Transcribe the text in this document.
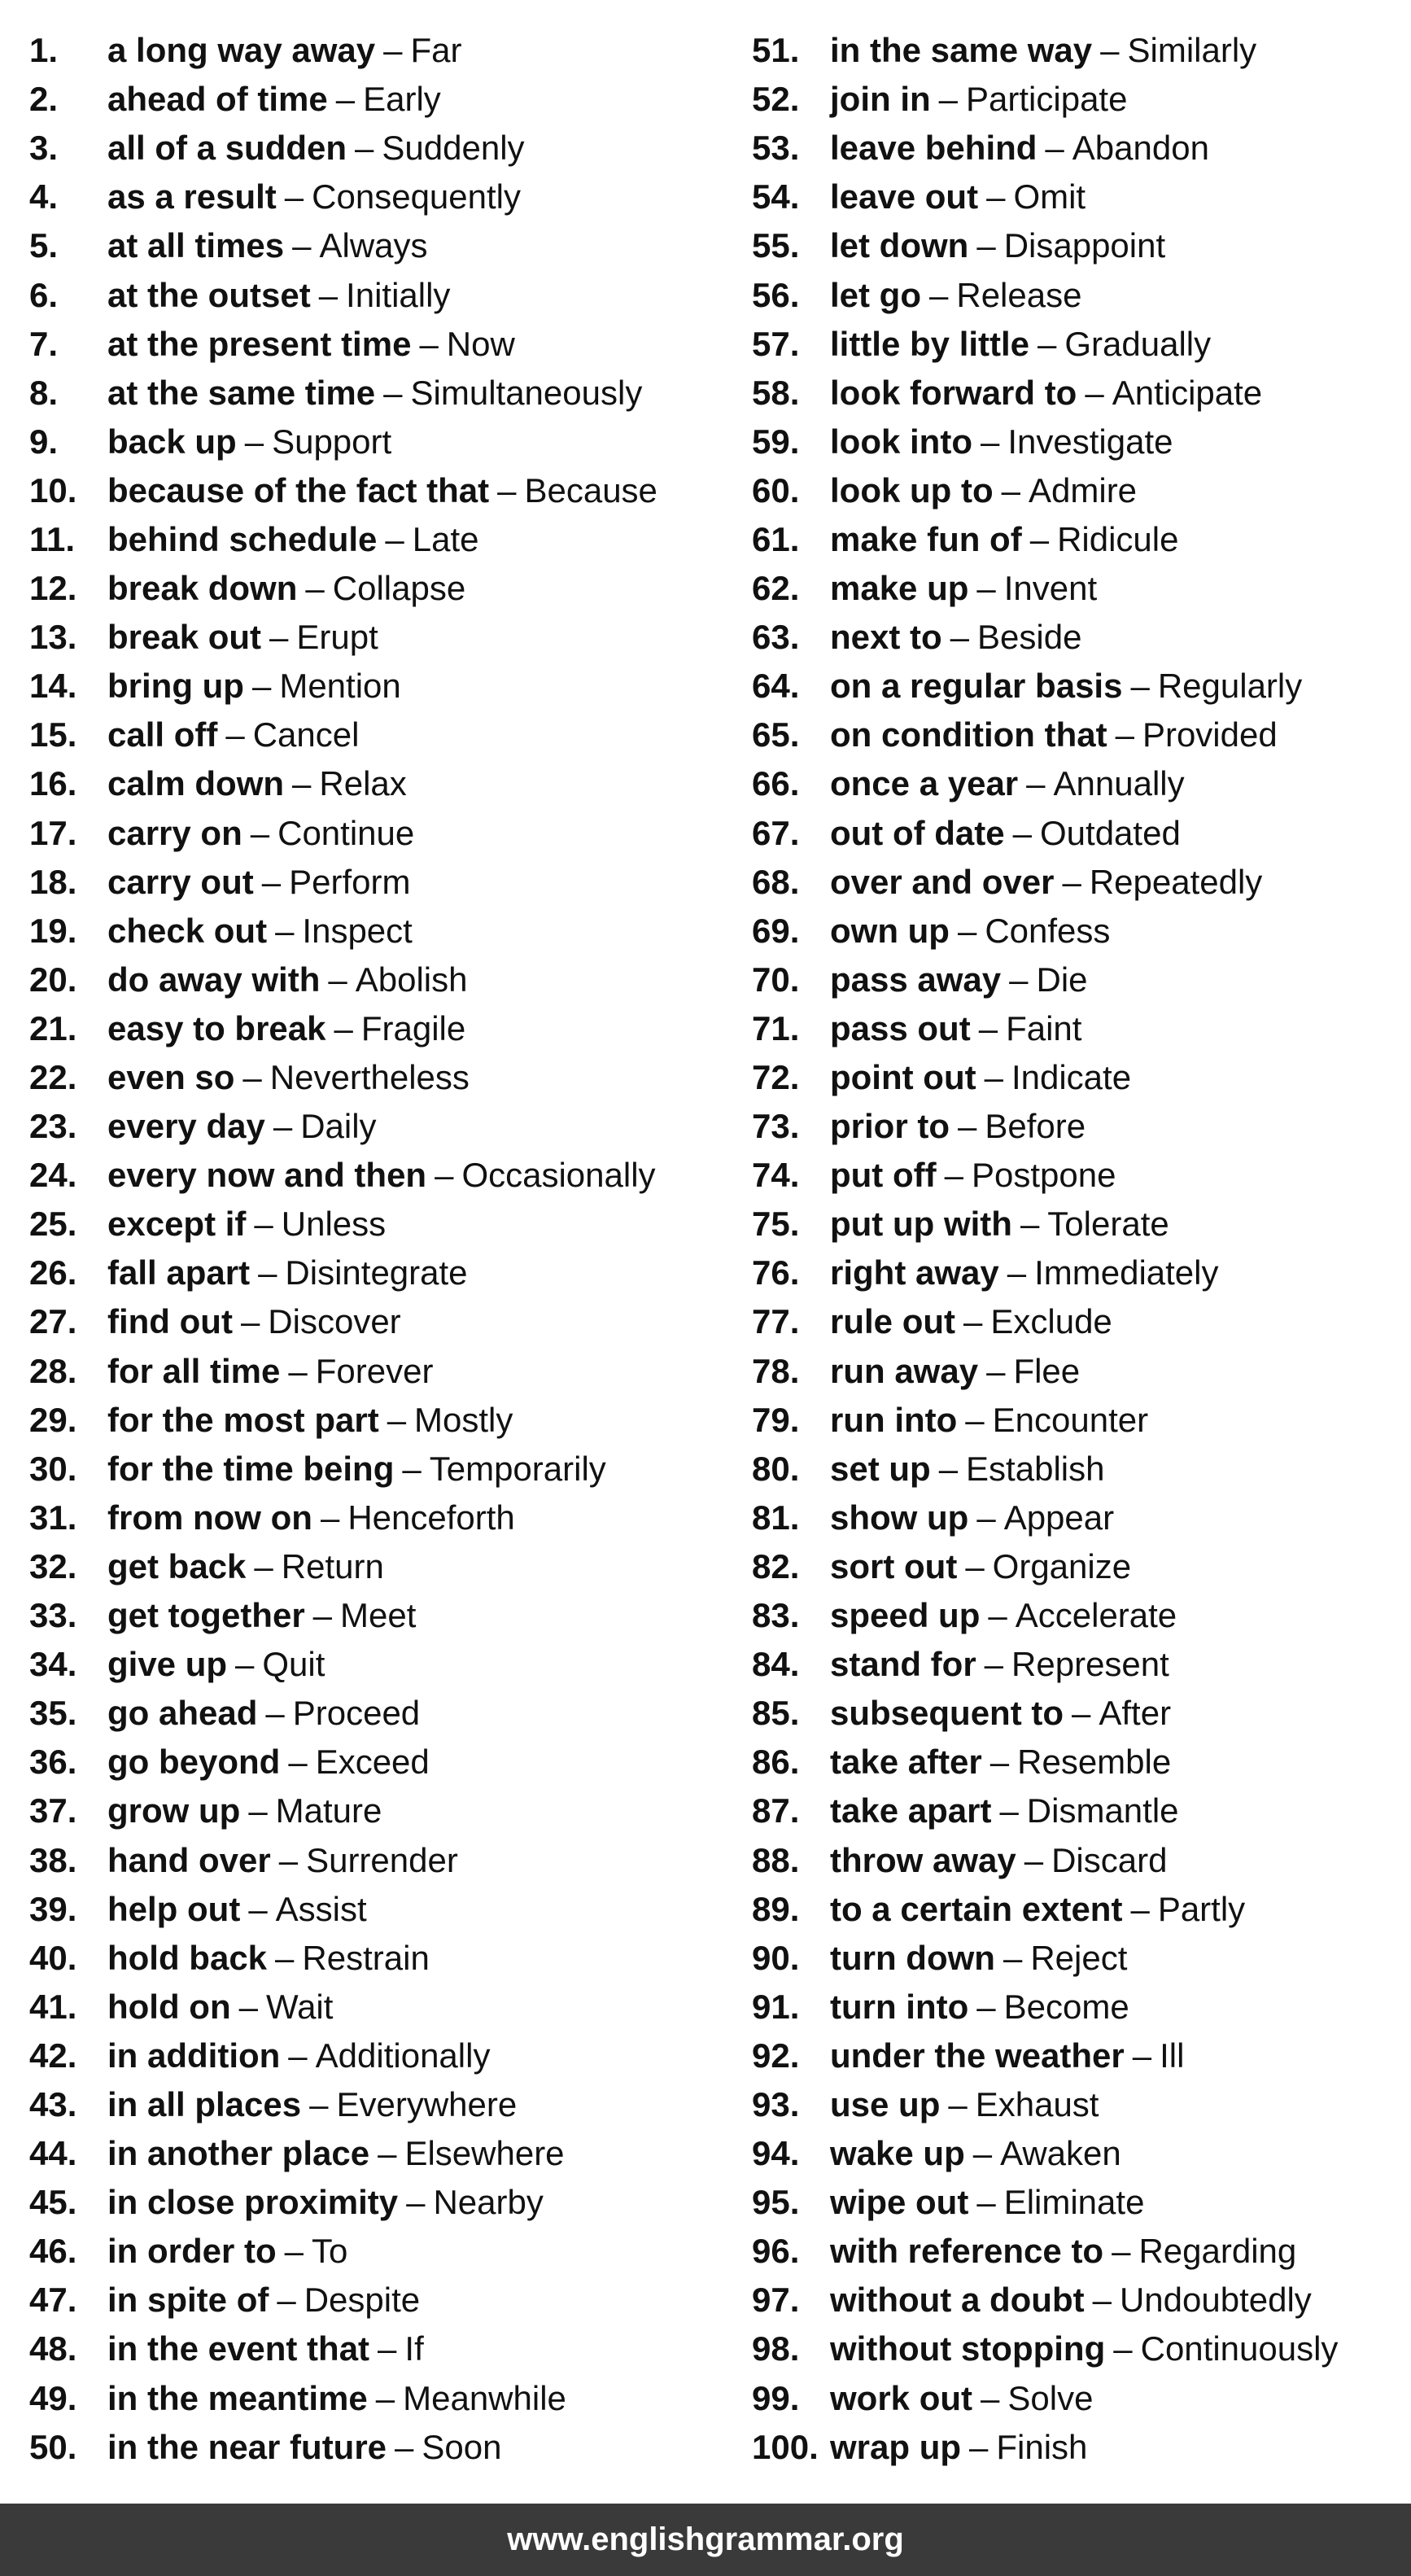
1.	a long way away – Far
2.	ahead of time – Early
3.	all of a sudden – Suddenly
4.	as a result – Consequently
5.	at all times – Always
6.	at the outset – Initially
7.	at the present time – Now
8.	at the same time – Simultaneously
9.	back up – Support
10. because of the fact that – Because
11. behind schedule – Late
12. break down – Collapse
13. break out – Erupt
14. bring up – Mention
15. call off – Cancel
16. calm down – Relax
17. carry on – Continue
18. carry out – Perform
19. check out – Inspect
20. do away with – Abolish
21. easy to break – Fragile
22. even so – Nevertheless
23. every day – Daily
24. every now and then – Occasionally
25. except if – Unless
26. fall apart – Disintegrate
27. find out – Discover
28. for all time – Forever
29. for the most part – Mostly
30. for the time being – Temporarily
31. from now on – Henceforth
32. get back – Return
33. get together – Meet
34. give up – Quit
35. go ahead – Proceed
36. go beyond – Exceed
37. grow up – Mature
38. hand over – Surrender
39. help out – Assist
40. hold back – Restrain
41. hold on – Wait
42. in addition – Additionally
43. in all places – Everywhere
44. in another place – Elsewhere
45. in close proximity – Nearby
46. in order to – To
47. in spite of – Despite
48. in the event that – If
49. in the meantime – Meanwhile
50. in the near future – Soon
51. in the same way – Similarly
52. join in – Participate
53. leave behind – Abandon
54. leave out – Omit
55. let down – Disappoint
56. let go – Release
57. little by little – Gradually
58. look forward to – Anticipate
59. look into – Investigate
60. look up to – Admire
61. make fun of – Ridicule
62. make up – Invent
63. next to – Beside
64. on a regular basis – Regularly
65. on condition that – Provided
66. once a year – Annually
67. out of date – Outdated
68. over and over – Repeatedly
69. own up – Confess
70. pass away – Die
71. pass out – Faint
72. point out – Indicate
73. prior to – Before
74. put off – Postpone
75. put up with – Tolerate
76. right away – Immediately
77. rule out – Exclude
78. run away – Flee
79. run into – Encounter
80. set up – Establish
81. show up – Appear
82. sort out – Organize
83. speed up – Accelerate
84. stand for – Represent
85. subsequent to – After
86. take after – Resemble
87. take apart – Dismantle
88. throw away – Discard
89. to a certain extent – Partly
90. turn down – Reject
91. turn into – Become
92. under the weather – Ill
93. use up – Exhaust
94. wake up – Awaken
95. wipe out – Eliminate
96. with reference to – Regarding
97. without a doubt – Undoubtedly
98. without stopping – Continuously
99. work out – Solve
100. wrap up – Finish
www.englishgrammar.org
